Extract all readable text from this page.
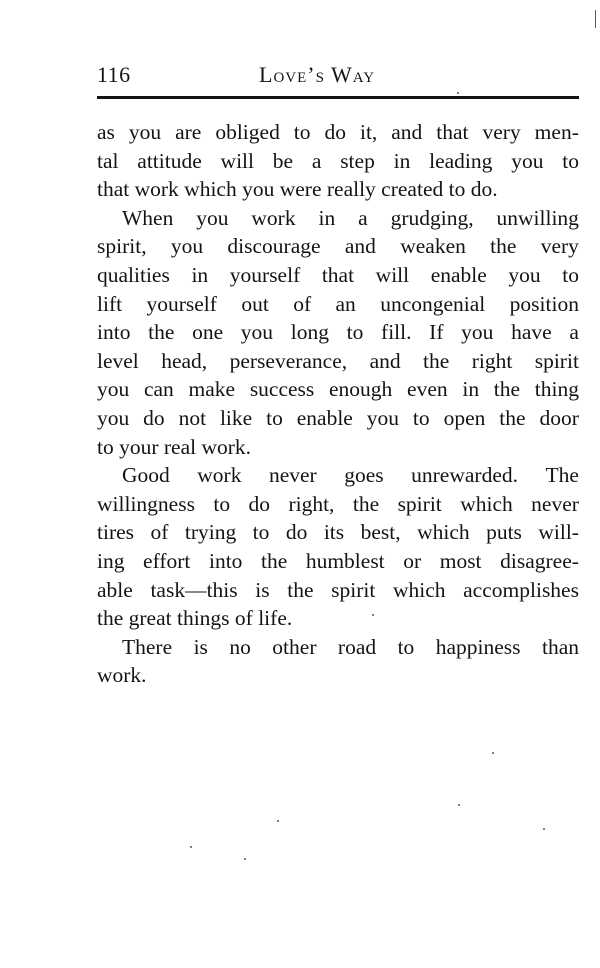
116	Love’s Way
as you are obliged to do it, and that very men-
tal attitude will be a step in leading you to
that work which you were really created to do.
When you work in a grudging, unwilling
spirit, you discourage and weaken the very
qualities in yourself that will enable you to
lift yourself out of an uncongenial position
into the one you long to fill. If you have a
level head, perseverance, and the right spirit
you can make success enough even in the thing
you do not like to enable you to open the door
to your real work.
Good work never goes unrewarded. The
willingness to do right, the spirit which never
tires of trying to do its best, which puts will-
ing effort into the humblest or most disagree-
able task—this is the spirit which accomplishes
the great things of life.
There is no other road to happiness than
work.
